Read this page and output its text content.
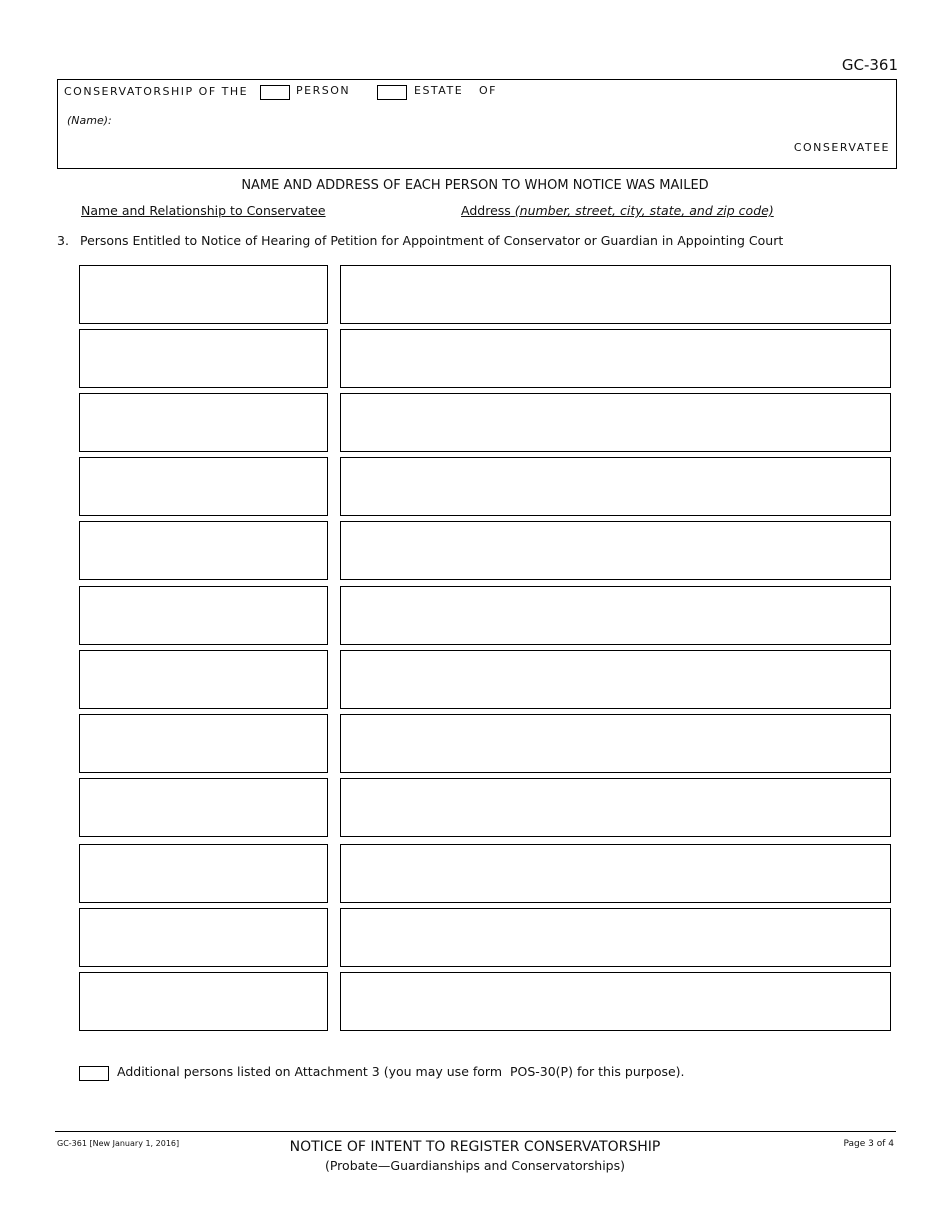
GC-361
CONSERVATORSHIP OF THE	PERSON	ESTATE OF
(Name):
CONSERVATEE
NAME AND ADDRESS OF EACH PERSON TO WHOM NOTICE WAS MAILED
Name and Relationship to Conservatee	Address (number, street, city, state, and zip code)
3. Persons Entitled to Notice of Hearing of Petition for Appointment of Conservator or Guardian in Appointing Court
Additional persons listed on Attachment 3 (you may use form  POS-30(P) for this purpose).
GC-361 [New January 1, 2016]	NOTICE OF INTENT TO REGISTER CONSERVATORSHIP
(Probate—Guardianships and Conservatorships)
Page 3 of 4
